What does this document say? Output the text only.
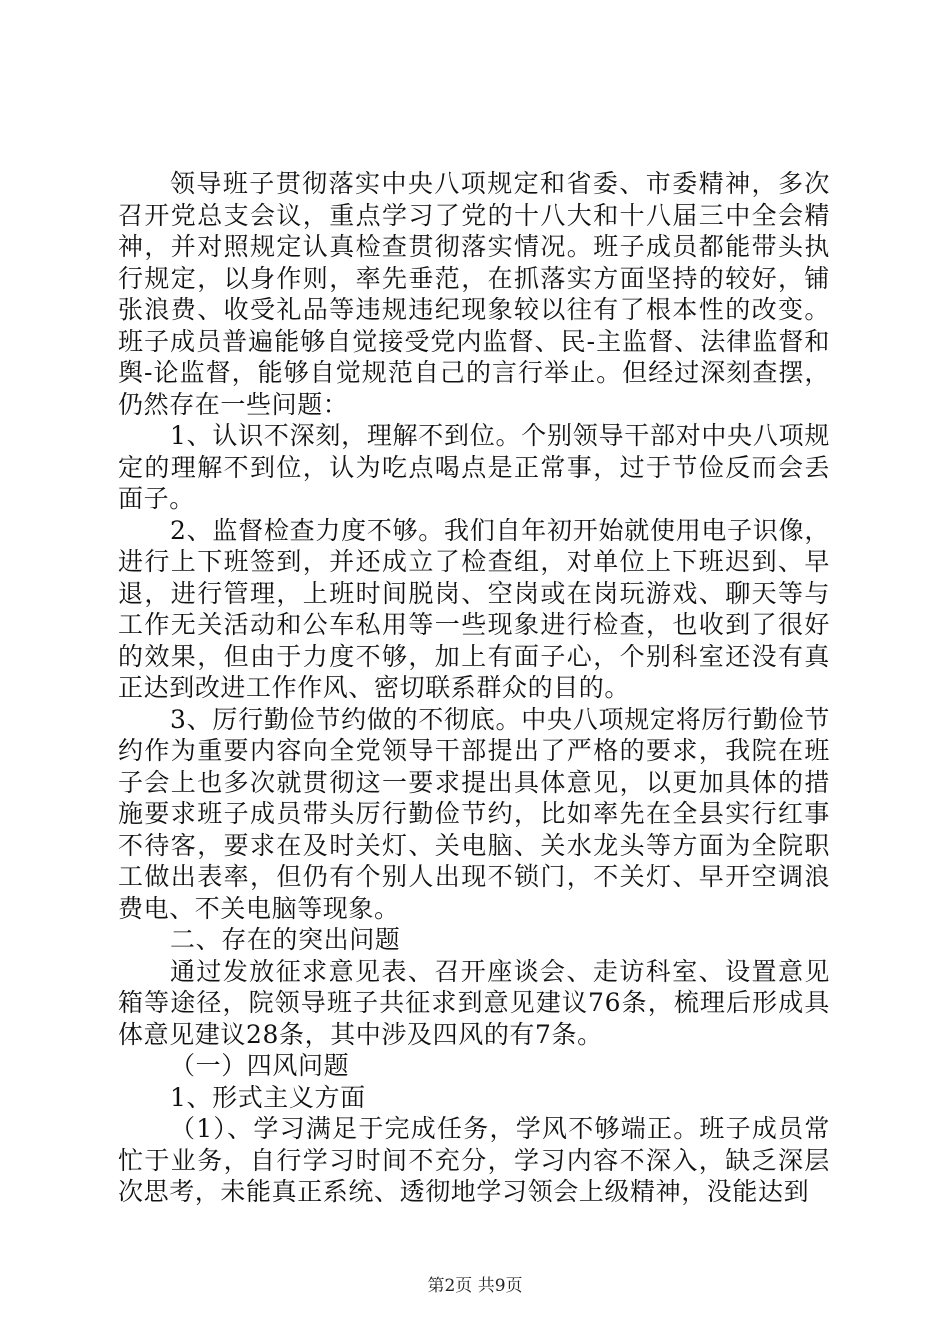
领导班子贯彻落实中央八项规定和省委、市委精神，多次召开党总支会议，重点学习了党的十八大和十八届三中全会精神，并对照规定认真检查贯彻落实情况。班子成员都能带头执行规定，以身作则，率先垂范，在抓落实方面坚持的较好，铺张浪费、收受礼品等违规违纪现象较以往有了根本性的改变。班子成员普遍能够自觉接受党内监督、民-主监督、法律监督和舆-论监督，能够自觉规范自己的言行举止。但经过深刻查摆，仍然存在一些问题：

1、认识不深刻，理解不到位。个别领导干部对中央八项规定的理解不到位，认为吃点喝点是正常事，过于节俭反而会丢面子。

2、监督检查力度不够。我们自年初开始就使用电子识像，进行上下班签到，并还成立了检查组，对单位上下班迟到、早退，进行管理，上班时间脱岗、空岗或在岗玩游戏、聊天等与工作无关活动和公车私用等一些现象进行检查，也收到了很好的效果，但由于力度不够，加上有面子心，个别科室还没有真正达到改进工作作风、密切联系群众的目的。

3、厉行勤俭节约做的不彻底。中央八项规定将厉行勤俭节约作为重要内容向全党领导干部提出了严格的要求，我院在班子会上也多次就贯彻这一要求提出具体意见，以更加具体的措施要求班子成员带头厉行勤俭节约，比如率先在全县实行红事不待客，要求在及时关灯、关电脑、关水龙头等方面为全院职工做出表率，但仍有个别人出现不锁门，不关灯、早开空调浪费电、不关电脑等现象。

二、存在的突出问题

通过发放征求意见表、召开座谈会、走访科室、设置意见箱等途径，院领导班子共征求到意见建议76条，梳理后形成具体意见建议28条，其中涉及四风的有7条。

（一）四风问题

1、形式主义方面

（1）、学习满足于完成任务，学风不够端正。班子成员常忙于业务，自行学习时间不充分，学习内容不深入，缺乏深层次思考，未能真正系统、透彻地学习领会上级精神，没能达到

第2页 共9页
